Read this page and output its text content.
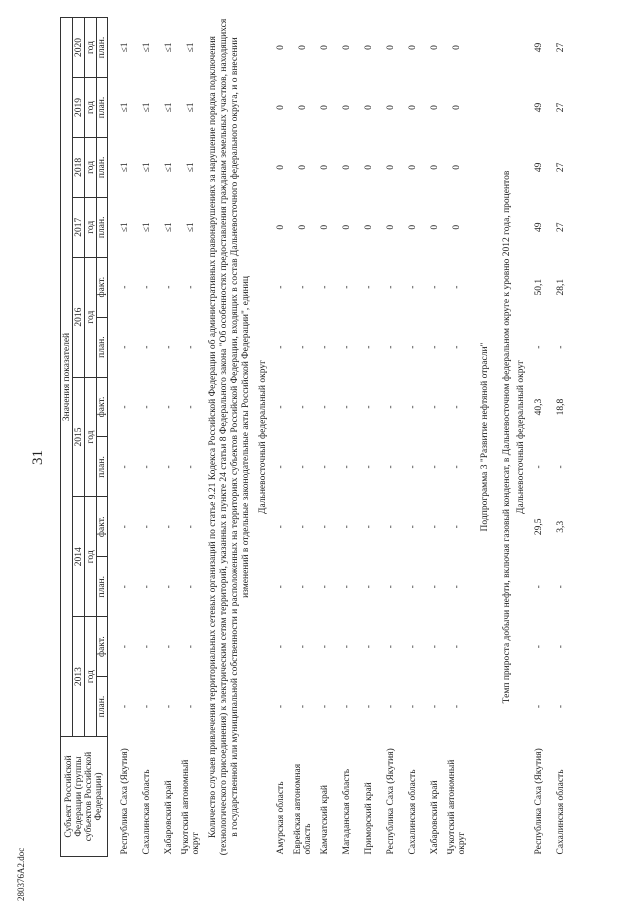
31
280376A2.doc
Субъект Российской Федерации (группы субъектов Российской Федерации)	Значения показателей											
	2013		2014		2015		2016		2017	2018	2019	2020
	год		год		год		год		год	год	год	год
	план.	факт.	план.	факт.	план.	факт.	план.	факт.	план.	план.	план.	план.

Республика Саха (Якутия)	-	-	-	-	-	-	-	-	≤1	≤1	≤1	≤1
Сахалинская область	-	-	-	-	-	-	-	-	≤1	≤1	≤1	≤1
Хабаровский край	-	-	-	-	-	-	-	-	≤1	≤1	≤1	≤1
Чукотский автономный округ	-	-	-	-	-	-	-	-	≤1	≤1	≤1	≤1
Количество случаев привлечения территориальных сетевых организаций по статье 9.21 Кодекса Российской Федерации об административных правонарушениях за нарушение порядка подключения (технологического присоединения) к электрическим сетям территорий, указанных в пункте 24 статьи 8 Федерального закона "Об особенностях предоставления гражданам земельных участков, находящихся в государственной или муниципальной собственности и расположенных на территориях субъектов Российской Федерации, входящих в состав Дальневосточного федерального округа, и о внесении изменений в отдельные законодательные акты Российской Федерации", единиц												
Дальневосточный федеральный округ												
Амурская область	-	-	-	-	-	-	-	-	0	0	0	0
Еврейская автономная область	-	-	-	-	-	-	-	-	0	0	0	0
Камчатский край	-	-	-	-	-	-	-	-	0	0	0	0
Магаданская область	-	-	-	-	-	-	-	-	0	0	0	0
Приморский край	-	-	-	-	-	-	-	-	0	0	0	0
Республика Саха (Якутия)	-	-	-	-	-	-	-	-	0	0	0	0
Сахалинская область	-	-	-	-	-	-	-	-	0	0	0	0
Хабаровский край	-	-	-	-	-	-	-	-	0	0	0	0
Чукотский автономный округ	-	-	-	-	-	-	-	-	0	0	0	0
Подпрограмма 3 "Развитие нефтяной отрасли"												
Темп прироста добычи нефти, включая газовый конденсат, в Дальневосточном федеральном округе к уровню 2012 года, процентов												
Дальневосточный федеральный округ												
Республика Саха (Якутия)	-	-	-	29,5	-	40,3	-	50,1	49	49	49	49
Сахалинская область	-	-	-	3,3	-	18,8	-	28,1	27	27	27	27
